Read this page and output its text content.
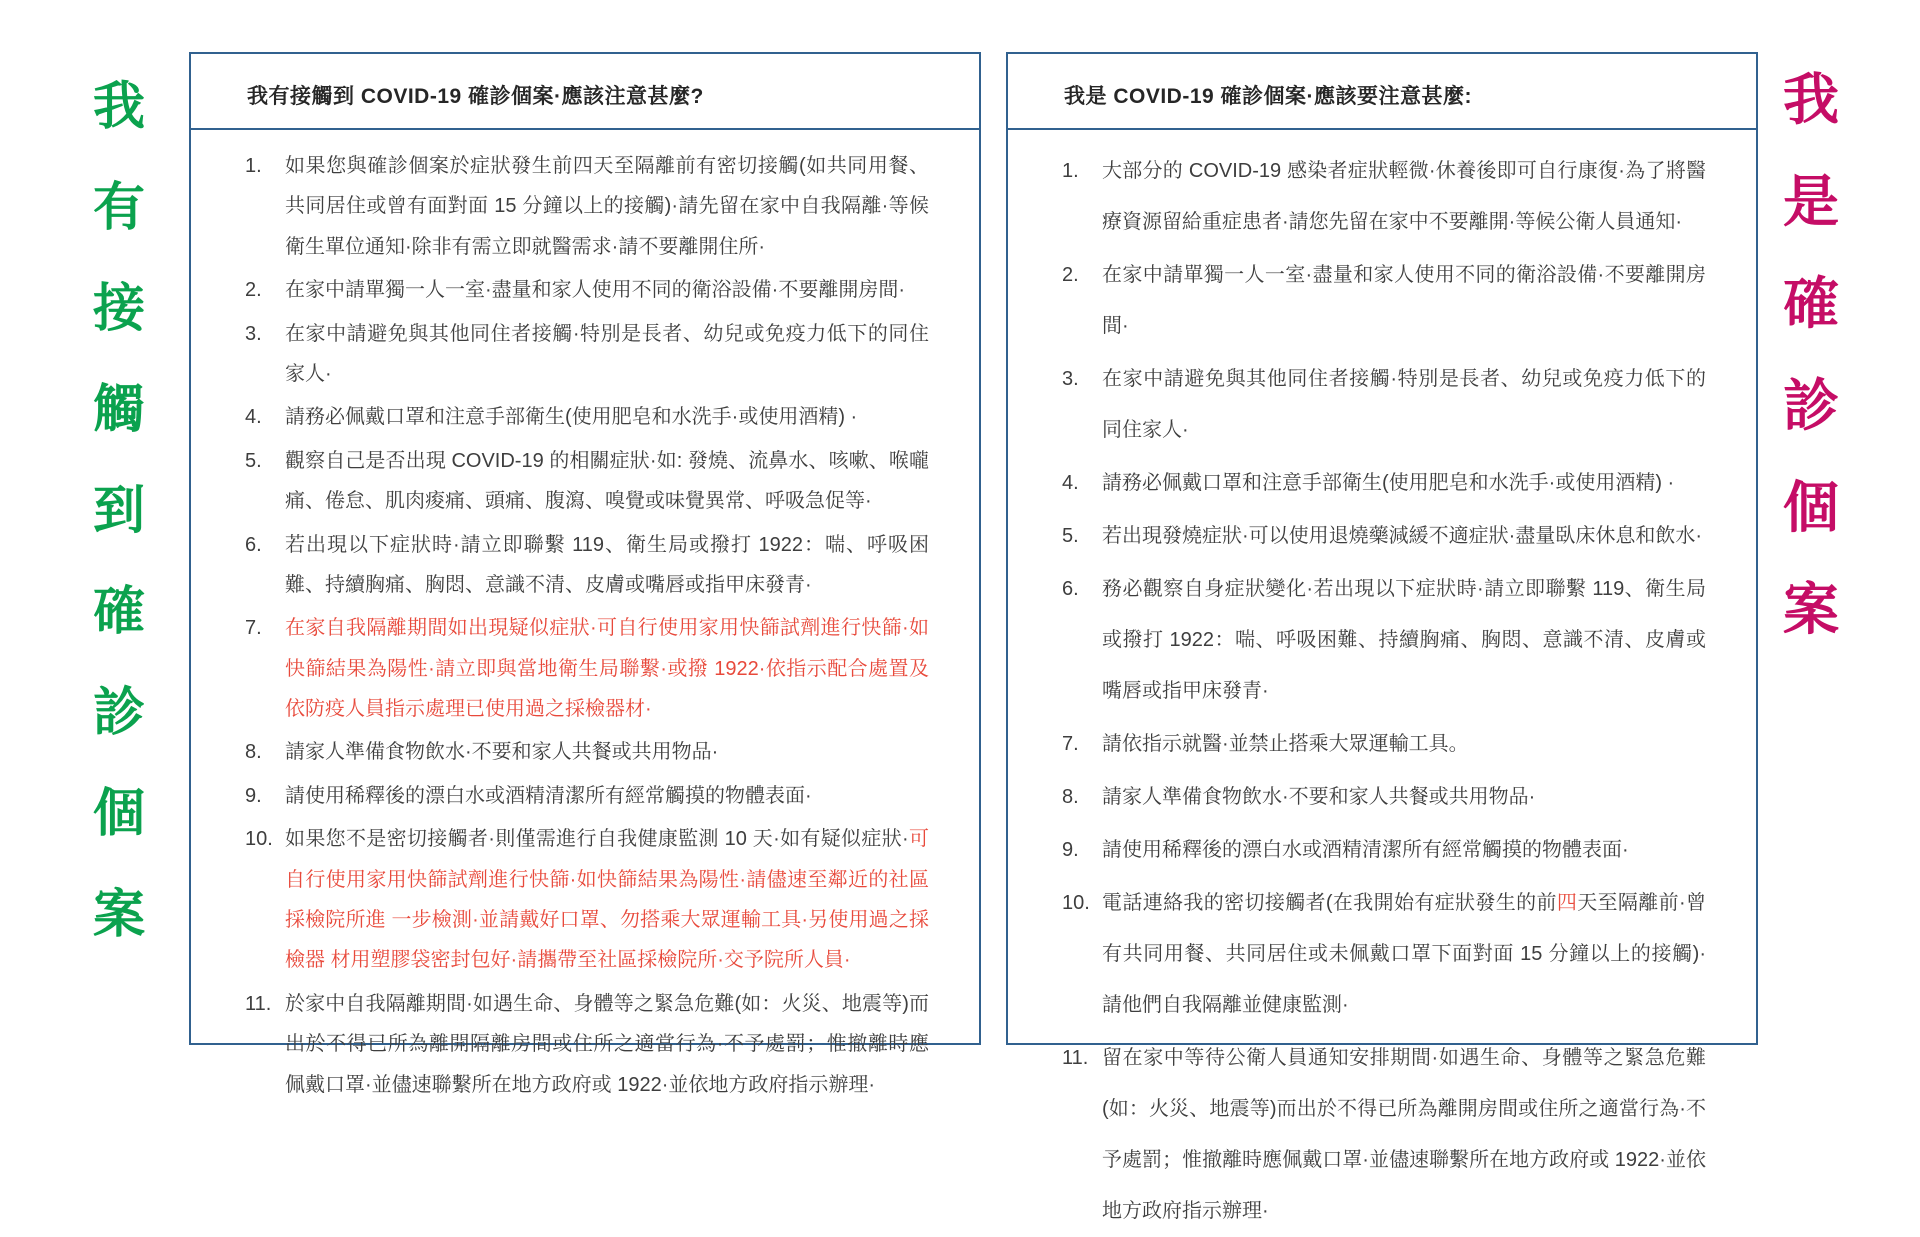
我
有
接
觸
到
確
診
個
案
我有接觸到 COVID-19 確診個案·應該注意甚麼?
1.	如果您與確診個案於症狀發生前四天至隔離前有密切接觸(如共同用餐、共同居住或曾有面對面 15 分鐘以上的接觸)·請先留在家中自我隔離·等候衛生單位通知·除非有需立即就醫需求·請不要離開住所·
2.	在家中請單獨一人一室·盡量和家人使用不同的衛浴設備·不要離開房間·
3.	在家中請避免與其他同住者接觸·特別是長者、幼兒或免疫力低下的同住家人·
4.	請務必佩戴口罩和注意手部衛生(使用肥皂和水洗手·或使用酒精) ·
5.	觀察自己是否出現 COVID-19 的相關症狀·如: 發燒、流鼻水、咳嗽、喉嚨痛、倦怠、肌肉痠痛、頭痛、腹瀉、嗅覺或味覺異常、呼吸急促等·
6.	若出現以下症狀時·請立即聯繫 119、衛生局或撥打 1922：喘、呼吸困難、持續胸痛、胸悶、意識不清、皮膚或嘴唇或指甲床發青·
7.	在家自我隔離期間如出現疑似症狀·可自行使用家用快篩試劑進行快篩·如快篩結果為陽性·請立即與當地衛生局聯繫·或撥 1922·依指示配合處置及依防疫人員指示處理已使用過之採檢器材·
8.	請家人準備食物飲水·不要和家人共餐或共用物品·
9.	請使用稀釋後的漂白水或酒精清潔所有經常觸摸的物體表面·
10. 如果您不是密切接觸者·則僅需進行自我健康監測 10 天·如有疑似症狀·可自行使用家用快篩試劑進行快篩·如快篩結果為陽性·請儘速至鄰近的社區採檢院所進 一步檢測·並請戴好口罩、勿搭乘大眾運輸工具·另使用過之採檢器 材用塑膠袋密封包好·請攜帶至社區採檢院所·交予院所人員·
11. 於家中自我隔離期間·如遇生命、身體等之緊急危難(如：火災、地震等)而出於不得已所為離開隔離房間或住所之適當行為·不予處罰；惟撤離時應佩戴口罩·並儘速聯繫所在地方政府或 1922·並依地方政府指示辦理·
我是 COVID-19 確診個案·應該要注意甚麼:
1.	大部分的 COVID-19 感染者症狀輕微·休養後即可自行康復·為了將醫療資源留給重症患者·請您先留在家中不要離開·等候公衛人員通知·
2.	在家中請單獨一人一室·盡量和家人使用不同的衛浴設備·不要離開房間·
3.	在家中請避免與其他同住者接觸·特別是長者、幼兒或免疫力低下的同住家人·
4.	請務必佩戴口罩和注意手部衛生(使用肥皂和水洗手·或使用酒精) ·
5.	若出現發燒症狀·可以使用退燒藥減緩不適症狀·盡量臥床休息和飲水·
6.	務必觀察自身症狀變化·若出現以下症狀時·請立即聯繫 119、衛生局或撥打 1922：喘、呼吸困難、持續胸痛、胸悶、意識不清、皮膚或嘴唇或指甲床發青·
7.	請依指示就醫·並禁止搭乘大眾運輸工具。
8.	請家人準備食物飲水·不要和家人共餐或共用物品·
9.	請使用稀釋後的漂白水或酒精清潔所有經常觸摸的物體表面·
10. 電話連絡我的密切接觸者(在我開始有症狀發生的前四天至隔離前·曾有共同用餐、共同居住或未佩戴口罩下面對面 15 分鐘以上的接觸)·請他們自我隔離並健康監測·
11. 留在家中等待公衛人員通知安排期間·如遇生命、身體等之緊急危難(如：火災、地震等)而出於不得已所為離開房間或住所之適當行為·不予處罰；惟撤離時應佩戴口罩·並儘速聯繫所在地方政府或 1922·並依地方政府指示辦理·
我
是
確
診
個
案
